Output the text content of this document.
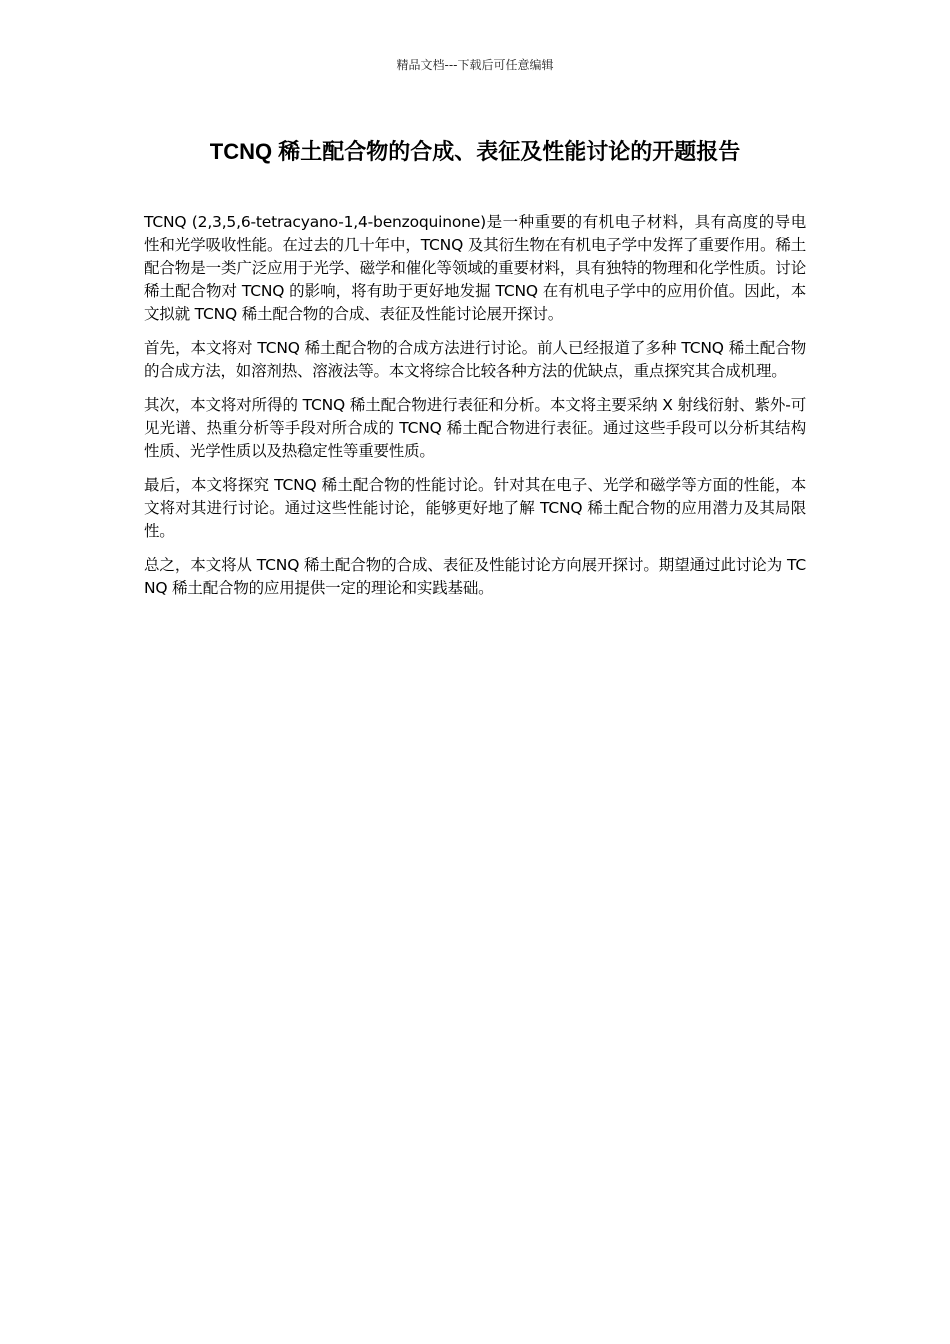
精品文档---下载后可任意编辑
TCNQ 稀土配合物的合成、表征及性能讨论的开题报告

TCNQ (2,3,5,6-tetracyano-1,4-benzoquinone)是一种重要的有机电子材料，具有高度的导电性和光学吸收性能。在过去的几十年中，TCNQ 及其衍生物在有机电子学中发挥了重要作用。稀土配合物是一类广泛应用于光学、磁学和催化等领域的重要材料，具有独特的物理和化学性质。讨论稀土配合物对 TCNQ 的影响，将有助于更好地发掘 TCNQ 在有机电子学中的应用价值。因此，本文拟就 TCNQ 稀土配合物的合成、表征及性能讨论展开探讨。

首先，本文将对 TCNQ 稀土配合物的合成方法进行讨论。前人已经报道了多种 TCNQ 稀土配合物的合成方法，如溶剂热、溶液法等。本文将综合比较各种方法的优缺点，重点探究其合成机理。

其次，本文将对所得的 TCNQ 稀土配合物进行表征和分析。本文将主要采纳 X 射线衍射、紫外-可见光谱、热重分析等手段对所合成的 TCNQ 稀土配合物进行表征。通过这些手段可以分析其结构性质、光学性质以及热稳定性等重要性质。

最后，本文将探究 TCNQ 稀土配合物的性能讨论。针对其在电子、光学和磁学等方面的性能，本文将对其进行讨论。通过这些性能讨论，能够更好地了解 TCNQ 稀土配合物的应用潜力及其局限性。

总之，本文将从 TCNQ 稀土配合物的合成、表征及性能讨论方向展开探讨。期望通过此讨论为 TCNQ 稀土配合物的应用提供一定的理论和实践基础。
